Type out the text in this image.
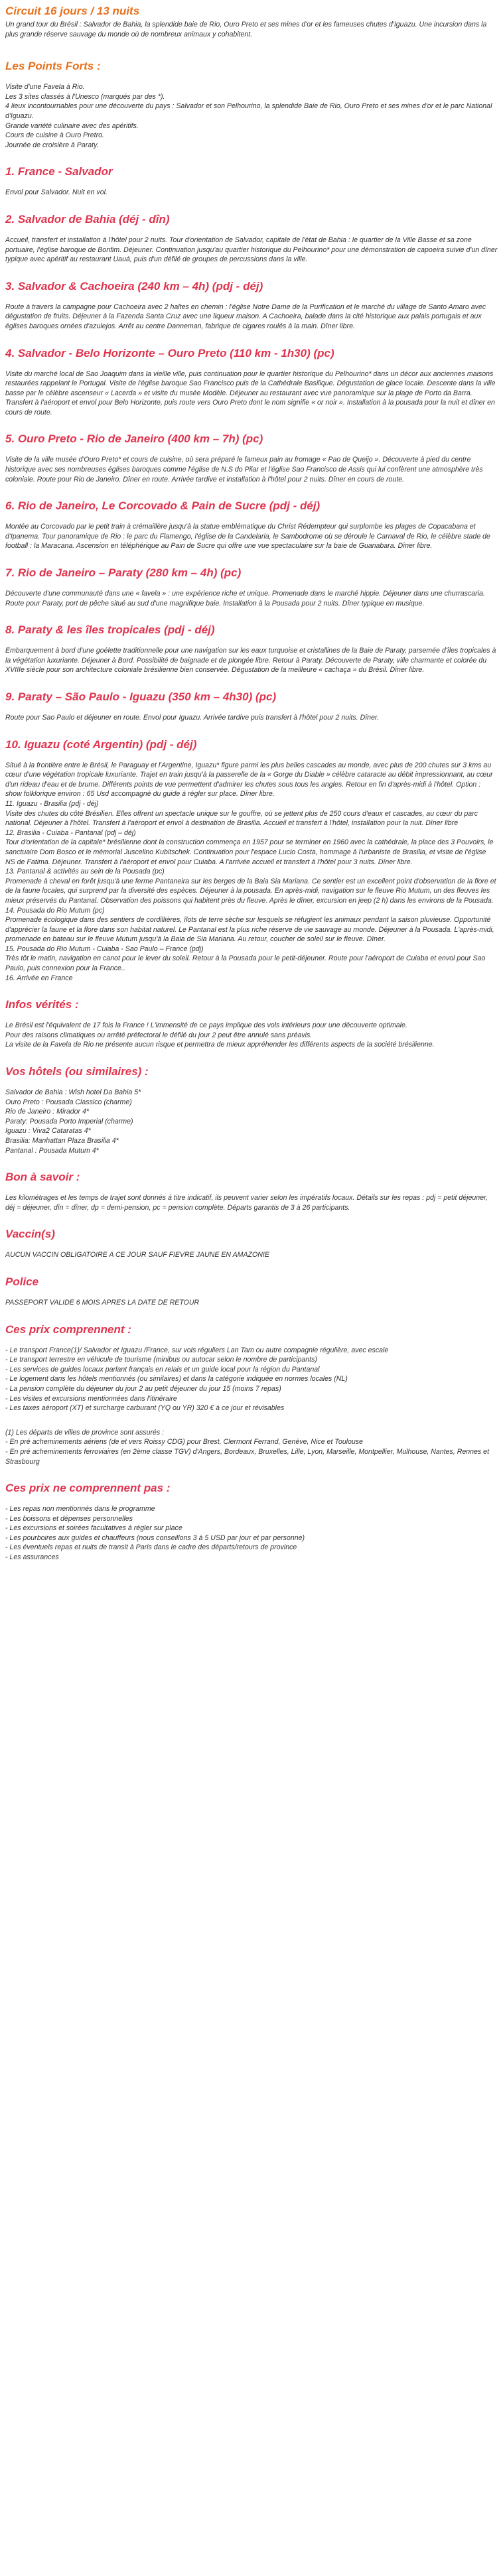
Circuit 16 jours / 13 nuits

Un grand tour du Brésil : Salvador de Bahia, la splendide baie de Rio, Ouro Preto et ses mines d'or et les fameuses chutes d'Iguazu. Une incursion dans la plus grande réserve sauvage du monde où de nombreux animaux y cohabitent.

Les Points Forts :
Visite d'une Favela à Rio.
Les 3 sites classés à l'Unesco (marqués par des *).
4 lieux incontournables pour une découverte du pays : Salvador et son Pelhourino, la splendide Baie de Rio, Ouro Preto et ses mines d'or et le parc National d'Iguazu.
Grande variété culinaire avec des apéritifs.
Cours de cuisine à Ouro Pretro.
Journée de croisière à Paraty.
1. France - Salvador

Envol pour Salvador. Nuit en vol.

2. Salvador de Bahia (déj - dîn)

Accueil, transfert et installation à l'hôtel pour 2 nuits. Tour d'orientation de Salvador, capitale de l'état de Bahia : le quartier de la Ville Basse et sa zone portuaire, l'église baroque de Bonfim. Déjeuner. Continuation jusqu'au quartier historique du Pelhourino* pour une démonstration de capoeira suivie d'un dîner typique avec apéritif au restaurant Uauá, puis d'un défilé de groupes de percussions dans la ville.

3. Salvador & Cachoeira (240 km – 4h) (pdj - déj)

Route à travers la campagne pour Cachoeira avec 2 haltes en chemin : l'église Notre Dame de la Purification et le marché du village de Santo Amaro avec dégustation de fruits. Déjeuner à la Fazenda Santa Cruz avec une liqueur maison. A Cachoeira, balade dans la cité historique aux palais portugais et aux églises baroques ornées d'azulejos. Arrêt au centre Danneman, fabrique de cigares roulés à la main. Dîner libre.

4. Salvador - Belo Horizonte – Ouro Preto (110 km - 1h30) (pc)

Visite du marché local de Sao Joaquim dans la vieille ville, puis continuation pour le quartier historique du Pelhourino* dans un décor aux anciennes maisons restaurées rappelant le Portugal. Visite de l'église baroque Sao Francisco puis de la Cathédrale Basilique. Dégustation de glace locale. Descente dans la ville basse par le célèbre ascenseur « Lacerda » et visite du musée Modèle. Déjeuner au restaurant avec vue panoramique sur la plage de Porto da Barra. Transfert à l'aéroport et envol pour Belo Horizonte, puis route vers Ouro Preto dont le nom signifie « or noir ». Installation à la pousada pour la nuit et dîner en cours de route.

5. Ouro Preto - Rio de Janeiro (400 km – 7h) (pc)

Visite de la ville musée d'Ouro Preto* et cours de cuisine, où sera préparé le fameux pain au fromage « Pao de Queijo ». Découverte à pied du centre historique avec ses nombreuses églises baroques comme l'église de N.S do Pilar et l'église Sao Francisco de Assis qui lui confèrent une atmosphère très coloniale. Route pour Rio de Janeiro. Dîner en route. Arrivée tardive et installation à l'hôtel pour 2 nuits. Dîner en cours de route.

6. Rio de Janeiro, Le Corcovado & Pain de Sucre (pdj - déj)

Montée au Corcovado par le petit train à crémaillère jusqu'à la statue emblématique du Christ Rédempteur qui surplombe les plages de Copacabana et d'Ipanema. Tour panoramique de Rio : le parc du Flamengo, l'église de la Candelaria, le Sambodrome où se déroule le Carnaval de Rio, le célèbre stade de football : la Maracana. Ascension en téléphérique au Pain de Sucre qui offre une vue spectaculaire sur la baie de Guanabara. Dîner libre.

7. Rio de Janeiro – Paraty (280 km – 4h) (pc)

Découverte d'une communauté dans une « favela » : une expérience riche et unique. Promenade dans le marché hippie. Déjeuner dans une churrascaria. Route pour Paraty, port de pêche situé au sud d'une magnifique baie. Installation à la Pousada pour 2 nuits. Dîner typique en musique.

8. Paraty & les îles tropicales (pdj - déj)

Embarquement à bord d'une goélette traditionnelle pour une navigation sur les eaux turquoise et cristallines de la Baie de Paraty, parsemée d'îles tropicales à la végétation luxuriante. Déjeuner à Bord. Possibilité de baignade et de plongée libre. Retour à Paraty. Découverte de Paraty, ville charmante et colorée du XVIIIe siècle pour son architecture coloniale brésilienne bien conservée. Dégustation de la meilleure « cachaça » du Brésil. Dîner libre.

9. Paraty – São Paulo - Iguazu (350 km – 4h30) (pc)

Route pour Sao Paulo et déjeuner en route. Envol pour Iguazu. Arrivée tardive puis transfert à l'hôtel pour 2 nuits. Dîner.

10. Iguazu (coté Argentin) (pdj - déj)

Situé à la frontière entre le Brésil, le Paraguay et l'Argentine, Iguazu* figure parmi les plus belles cascades au monde, avec plus de 200 chutes sur 3 kms au cœur d'une végétation tropicale luxuriante. Trajet en train jusqu'à la passerelle de la « Gorge du Diable » célèbre cataracte au débit impressionnant, au cœur d'un rideau d'eau et de brume. Différents points de vue permettent d'admirer les chutes sous tous les angles. Retour en fin d'après-midi à l'hôtel. Option : show folklorique environ : 65 Usd accompagné du guide à régler sur place. Dîner libre.

11. Iguazu - Brasilia (pdj - déj)

Visite des chutes du côté Brésilien. Elles offrent un spectacle unique sur le gouffre, où se jettent plus de 250 cours d'eaux et cascades, au cœur du parc national. Déjeuner à l'hôtel. Transfert à l'aéroport et envol à destination de Brasilia. Accueil et transfert à l'hôtel, installation pour la nuit. Dîner libre

12. Brasilia - Cuiaba - Pantanal (pdj – déj)

Tour d'orientation de la capitale* brésilienne dont la construction commença en 1957 pour se terminer en 1960 avec la cathédrale, la place des 3 Pouvoirs, le sanctuaire Dom Bosco et le mémorial Juscelino Kubitschek. Continuation pour l'espace Lucio Costa, hommage à l'urbaniste de Brasilia, et visite de l'église NS de Fatima. Déjeuner. Transfert à l'aéroport et envol pour Cuiaba. A l'arrivée accueil et transfert à l'hôtel pour 3 nuits. Dîner libre.

13. Pantanal & activités au sein de la Pousada (pc)

Promenade à cheval en forêt jusqu'à une ferme Pantaneira sur les berges de la Baia Sia Mariana. Ce sentier est un excellent point d'observation de la flore et de la faune locales, qui surprend par la diversité des espèces. Déjeuner à la pousada. En après-midi, navigation sur le fleuve Rio Mutum, un des fleuves les mieux préservés du Pantanal. Observation des poissons qui habitent près du fleuve. Après le dîner, excursion en jeep (2 h) dans les environs de la Pousada.

14. Pousada do Rio Mutum (pc)

Promenade écologique dans des sentiers de cordillières, îlots de terre sèche sur lesquels se réfugient les animaux pendant la saison pluvieuse. Opportunité d'apprécier la faune et la flore dans son habitat naturel. Le Pantanal est la plus riche réserve de vie sauvage au monde. Déjeuner à la Pousada. L'après-midi, promenade en bateau sur le fleuve Mutum jusqu'à la Baia de Sia Mariana. Au retour, coucher de soleil sur le fleuve. Dîner.

15. Pousada do Rio Mutum - Cuiaba - Sao Paulo – France (pdj)

Très tôt le matin, navigation en canot pour le lever du soleil. Retour à la Pousada pour le petit-déjeuner. Route pour l'aéroport de Cuiaba et envol pour Sao Paulo, puis connexion pour la France..

16. Arrivée en France

Infos vérités :

Le Brésil est l'équivalent de 17 fois la France ! L'immensité de ce pays implique des vols intérieurs pour une découverte optimale.
Pour des raisons climatiques ou arrêté préfectoral le défilé du jour 2 peut être annulé sans préavis.
La visite de la Favela de Rio ne présente aucun risque et permettra de mieux appréhender les différents aspects de la société brésilienne.

Vos hôtels (ou similaires) :
Salvador de Bahia : Wish hotel Da Bahia 5*
Ouro Preto : Pousada Classico (charme)
Rio de Janeiro : Mirador 4*
Paraty: Pousada Porto Imperial (charme)
Iguazu : Viva2 Cataratas 4*
Brasilia: Manhattan Plaza Brasilia 4*
Pantanal : Pousada Mutum 4*
Bon à savoir :

Les kilométrages et les temps de trajet sont donnés à titre indicatif, ils peuvent varier selon les impératifs locaux. Détails sur les repas : pdj = petit déjeuner, déj = déjeuner, dîn = dîner, dp = demi-pension, pc = pension complète. Départs garantis de 3 à 26 participants.

Vaccin(s)

AUCUN VACCIN OBLIGATOIRE A CE JOUR SAUF FIEVRE JAUNE EN AMAZONIE

Police

PASSEPORT VALIDE 6 MOIS APRES LA DATE DE RETOUR

Ces prix comprennent :
- Le transport France(1)/ Salvador et Iguazu /France, sur vols réguliers Lan Tam ou autre compagnie régulière, avec escale
- Le transport terrestre en véhicule de tourisme (minibus ou autocar selon le nombre de participants)
- Les services de guides locaux parlant français en relais et un guide local pour la région du Pantanal
- Le logement dans les hôtels mentionnés (ou similaires) et dans la catégorie indiquée en normes locales (NL)
- La pension complète du déjeuner du jour 2 au petit déjeuner du jour 15 (moins 7 repas)
- Les visites et excursions mentionnées dans l'itinéraire
- Les taxes aéroport (XT) et surcharge carburant (YQ ou YR) 320 € à ce jour et révisables

(1) Les départs de villes de province sont assurés :
- En pré acheminements aériens (de et vers Roissy CDG) pour Brest, Clermont Ferrand, Genève, Nice et Toulouse
- En pré acheminements ferroviaires (en 2ème classe TGV) d'Angers, Bordeaux, Bruxelles, Lille, Lyon, Marseille, Montpellier, Mulhouse, Nantes, Rennes et Strasbourg

Ces prix ne comprennent pas :
- Les repas non mentionnés dans le programme
- Les boissons et dépenses personnelles
- Les excursions et soirées facultatives à régler sur place
- Les pourboires aux guides et chauffeurs (nous conseillons 3 à 5 USD par jour et par personne)
- Les éventuels repas et nuits de transit à Paris dans le cadre des départs/retours de province
- Les assurances
